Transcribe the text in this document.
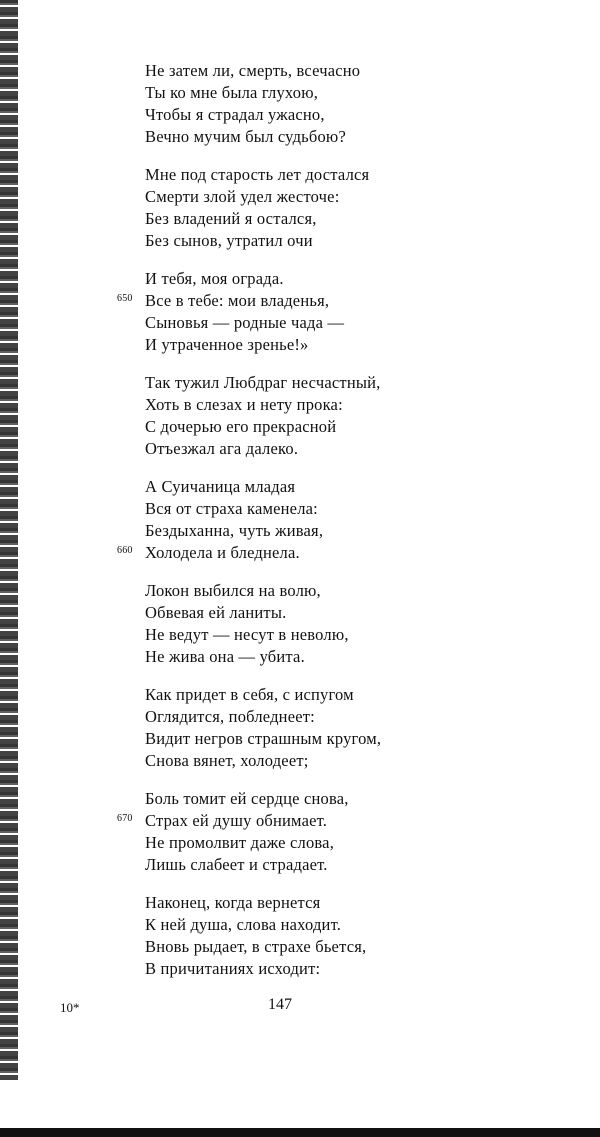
Не затем ли, смерть, всечасно
Ты ко мне была глухою,
Чтобы я страдал ужасно,
Вечно мучим был судьбою?
Мне под старость лет достался
Смерти злой удел жесточе:
Без владений я остался,
Без сынов, утратил очи
И тебя, моя ограда.
Все в тебе: мои владенья,
650
Сыновья — родные чада —
И утраченное зренье!»
Так тужил Любдраг несчастный,
Хоть в слезах и нету прока:
С дочерью его прекрасной
Отъезжал ага далеко.
А Суичаница младая
Вся от страха каменела:
Бездыханна, чуть живая,
Холодела и бледнела.
660
Локон выбился на волю,
Обвевая ей ланиты.
Не ведут — несут в неволю,
Не жива она — убита.
Как придет в себя, с испугом
Оглядится, побледнеет:
Видит негров страшным кругом,
Снова вянет, холодеет;
Боль томит ей сердце снова,
Страх ей душу обнимает.
670
Не промолвит даже слова,
Лишь слабеет и страдает.
Наконец, когда вернется
К ней душа, слова находит.
Вновь рыдает, в страхе бьется,
В причитаниях исходит:
10*	147
